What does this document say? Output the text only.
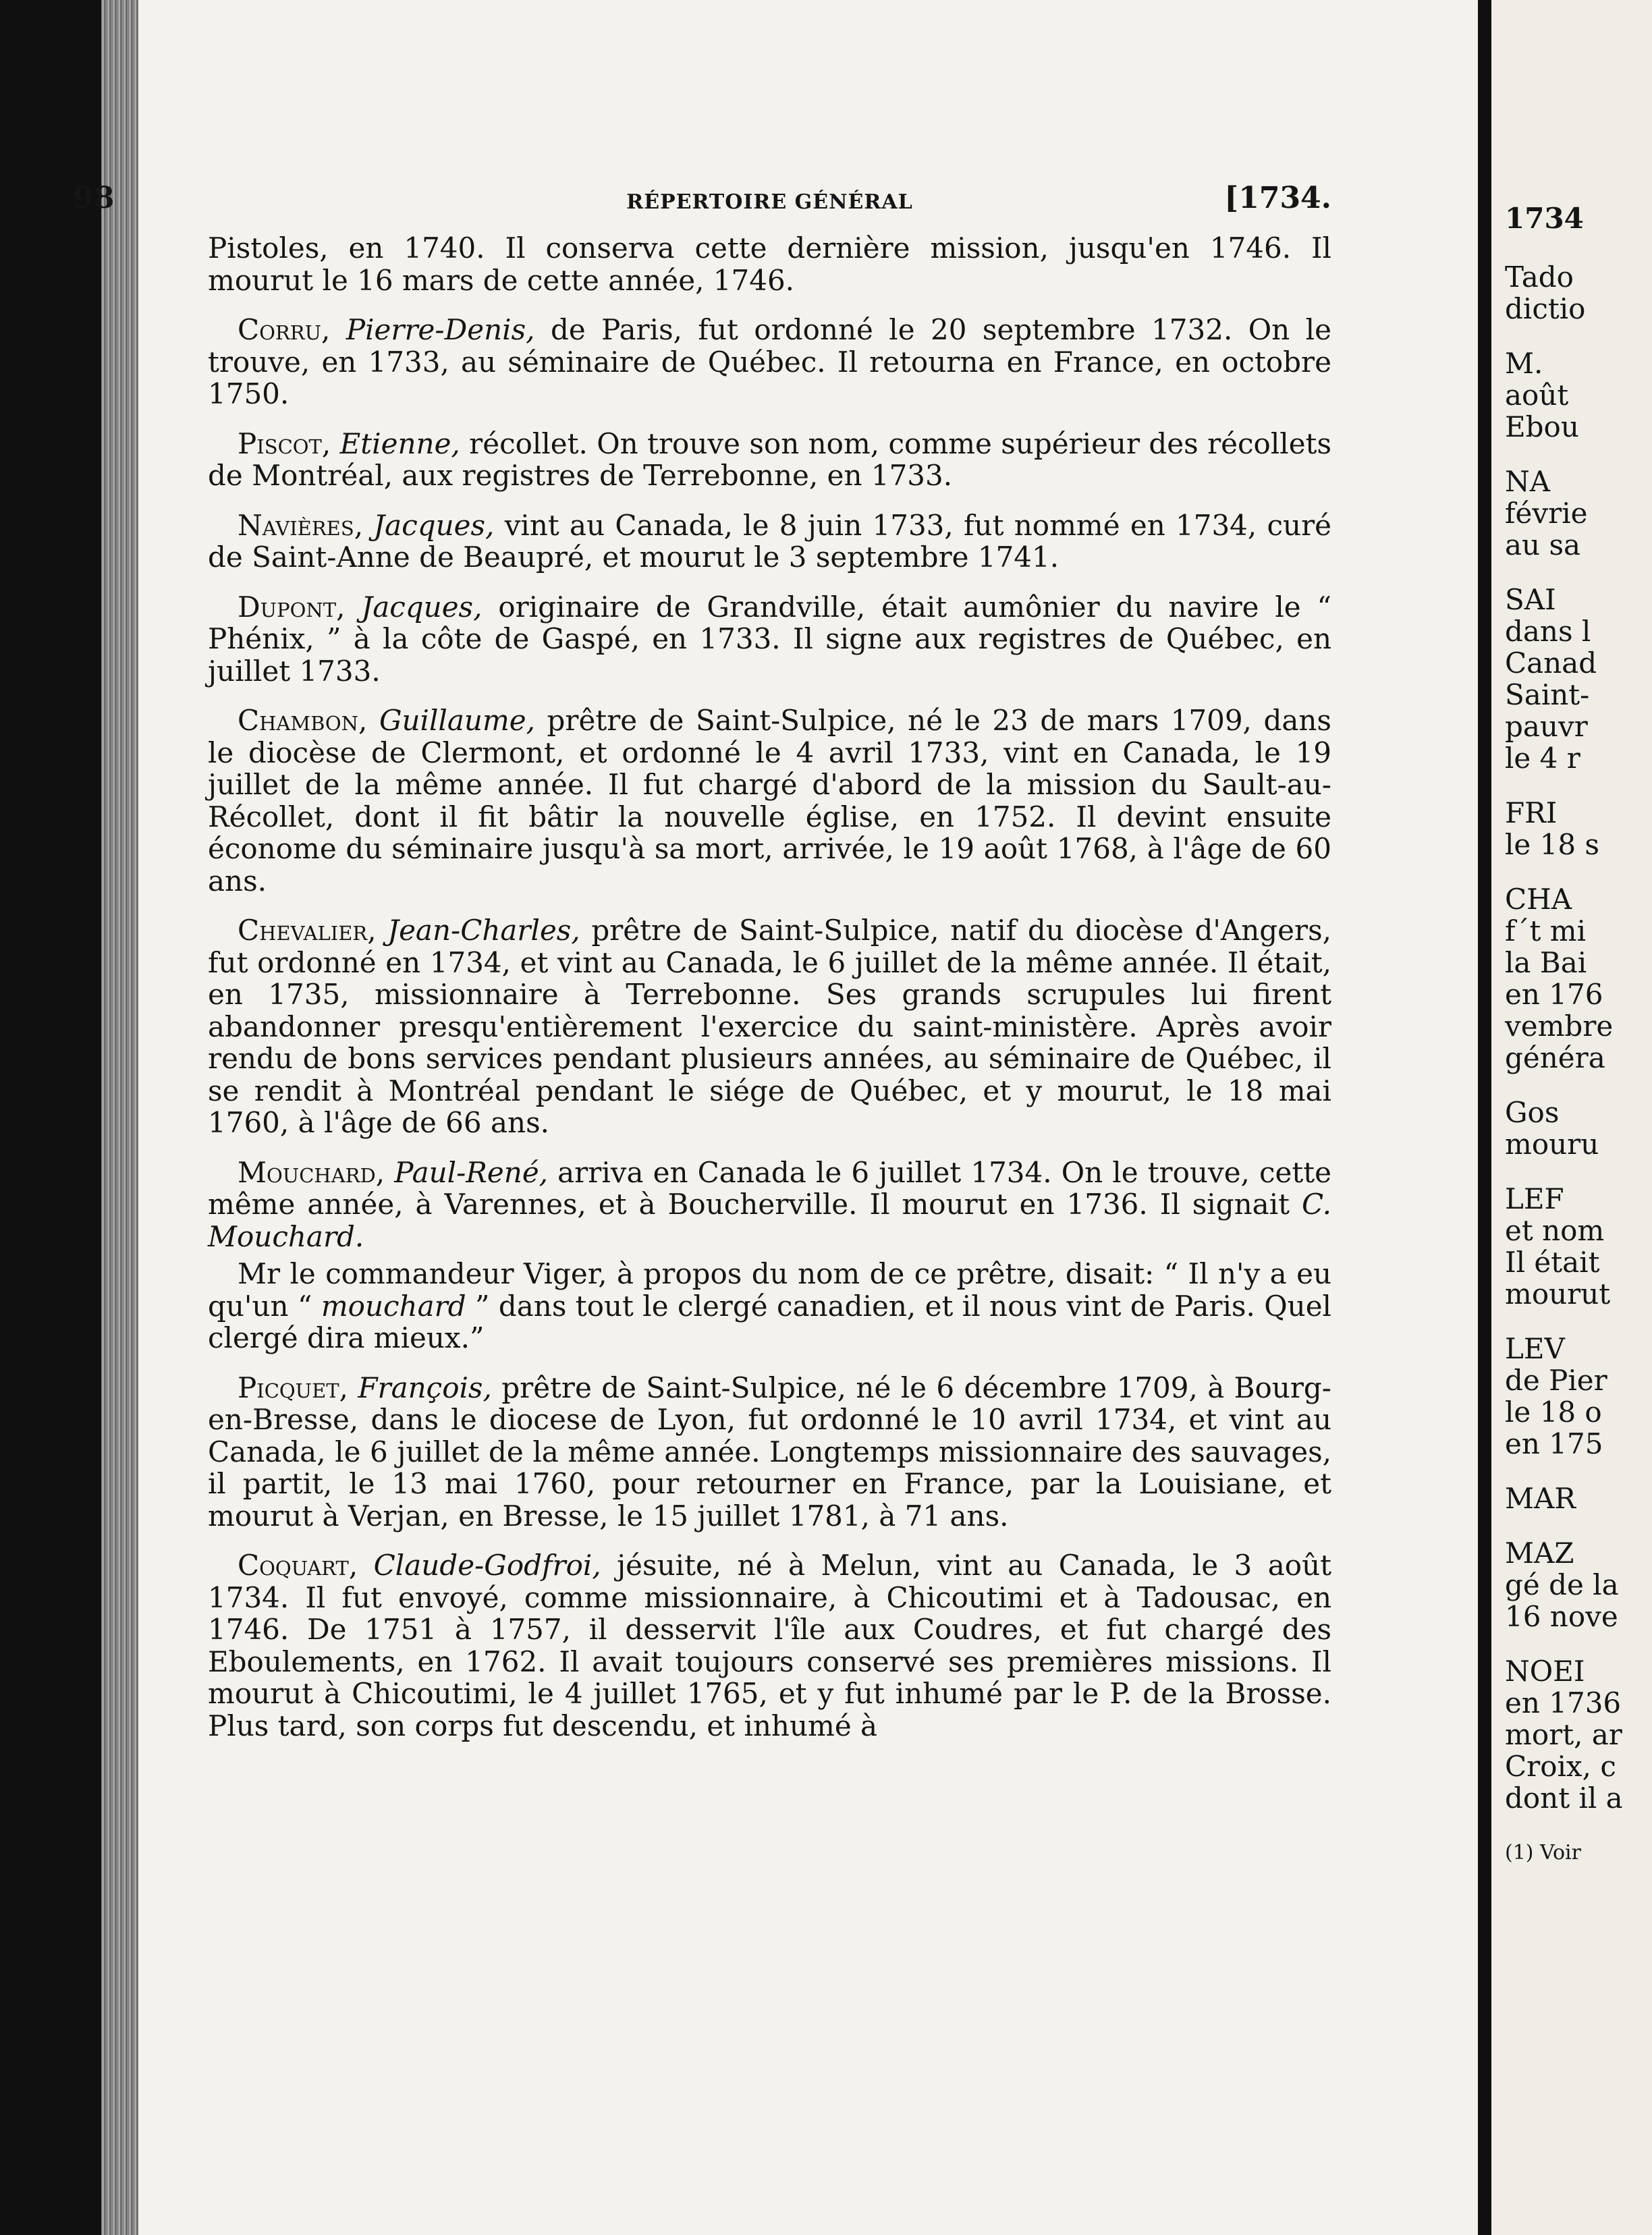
98	RÉPERTOIRE GÉNÉRAL	[1734.

Pistoles, en 1740. Il conserva cette dernière mission, jusqu'en 1746. Il mourut le 16 mars de cette année, 1746.

Corru, Pierre-Denis, de Paris, fut ordonné le 20 septembre 1732. On le trouve, en 1733, au séminaire de Québec. Il retourna en France, en octobre 1750.

Piscot, Etienne, récollet. On trouve son nom, comme supérieur des récollets de Montréal, aux registres de Terrebonne, en 1733.

Navières, Jacques, vint au Canada, le 8 juin 1733, fut nommé en 1734, curé de Saint-Anne de Beaupré, et mourut le 3 septembre 1741.

Dupont, Jacques, originaire de Grandville, était aumônier du navire le “ Phénix, ” à la côte de Gaspé, en 1733. Il signe aux registres de Québec, en juillet 1733.

Chambon, Guillaume, prêtre de Saint-Sulpice, né le 23 de mars 1709, dans le diocèse de Clermont, et ordonné le 4 avril 1733, vint en Canada, le 19 juillet de la même année. Il fut chargé d'abord de la mission du Sault-au-Récollet, dont il fit bâtir la nouvelle église, en 1752. Il devint ensuite économe du séminaire jusqu'à sa mort, arrivée, le 19 août 1768, à l'âge de 60 ans.

Chevalier, Jean-Charles, prêtre de Saint-Sulpice, natif du diocèse d'Angers, fut ordonné en 1734, et vint au Canada, le 6 juillet de la même année. Il était, en 1735, missionnaire à Terrebonne. Ses grands scrupules lui firent abandonner presqu'entièrement l'exercice du saint-ministère. Après avoir rendu de bons services pendant plusieurs années, au séminaire de Québec, il se rendit à Montréal pendant le siége de Québec, et y mourut, le 18 mai 1760, à l'âge de 66 ans.

Mouchard, Paul-René, arriva en Canada le 6 juillet 1734. On le trouve, cette même année, à Varennes, et à Boucherville. Il mourut en 1736. Il signait C. Mouchard.

Mr le commandeur Viger, à propos du nom de ce prêtre, disait: “ Il n'y a eu qu'un “ mouchard ” dans tout le clergé canadien, et il nous vint de Paris. Quel clergé dira mieux.”

Picquet, François, prêtre de Saint-Sulpice, né le 6 décembre 1709, à Bourg-en-Bresse, dans le diocese de Lyon, fut ordonné le 10 avril 1734, et vint au Canada, le 6 juillet de la même année. Longtemps missionnaire des sauvages, il partit, le 13 mai 1760, pour retourner en France, par la Louisiane, et mourut à Verjan, en Bresse, le 15 juillet 1781, à 71 ans.

Coquart, Claude-Godfroi, jésuite, né à Melun, vint au Canada, le 3 août 1734. Il fut envoyé, comme missionnaire, à Chicoutimi et à Tadousac, en 1746. De 1751 à 1757, il desservit l'île aux Coudres, et fut chargé des Eboulements, en 1762. Il avait toujours conservé ses premières missions. Il mourut à Chicoutimi, le 4 juillet 1765, et y fut inhumé par le P. de la Brosse. Plus tard, son corps fut descendu, et inhumé à

1734
Tado
dictio
M.
août
Ebou
NA
févrie
au sa
SAI
dans l
Canad
Saint-
pauvr
le 4 r
FRI
le 18 s
CHA
f´t mi
la Bai
en 176
vembre
généra
Gos
mouru
LEF
et nom
Il était
mourut
LEV
de Pier
le 18 o
en 175
MAR
MAZ
gé de la
16 nove
NOEI
en 1736
mort, ar
Croix, c
dont il a
(1) Voir
